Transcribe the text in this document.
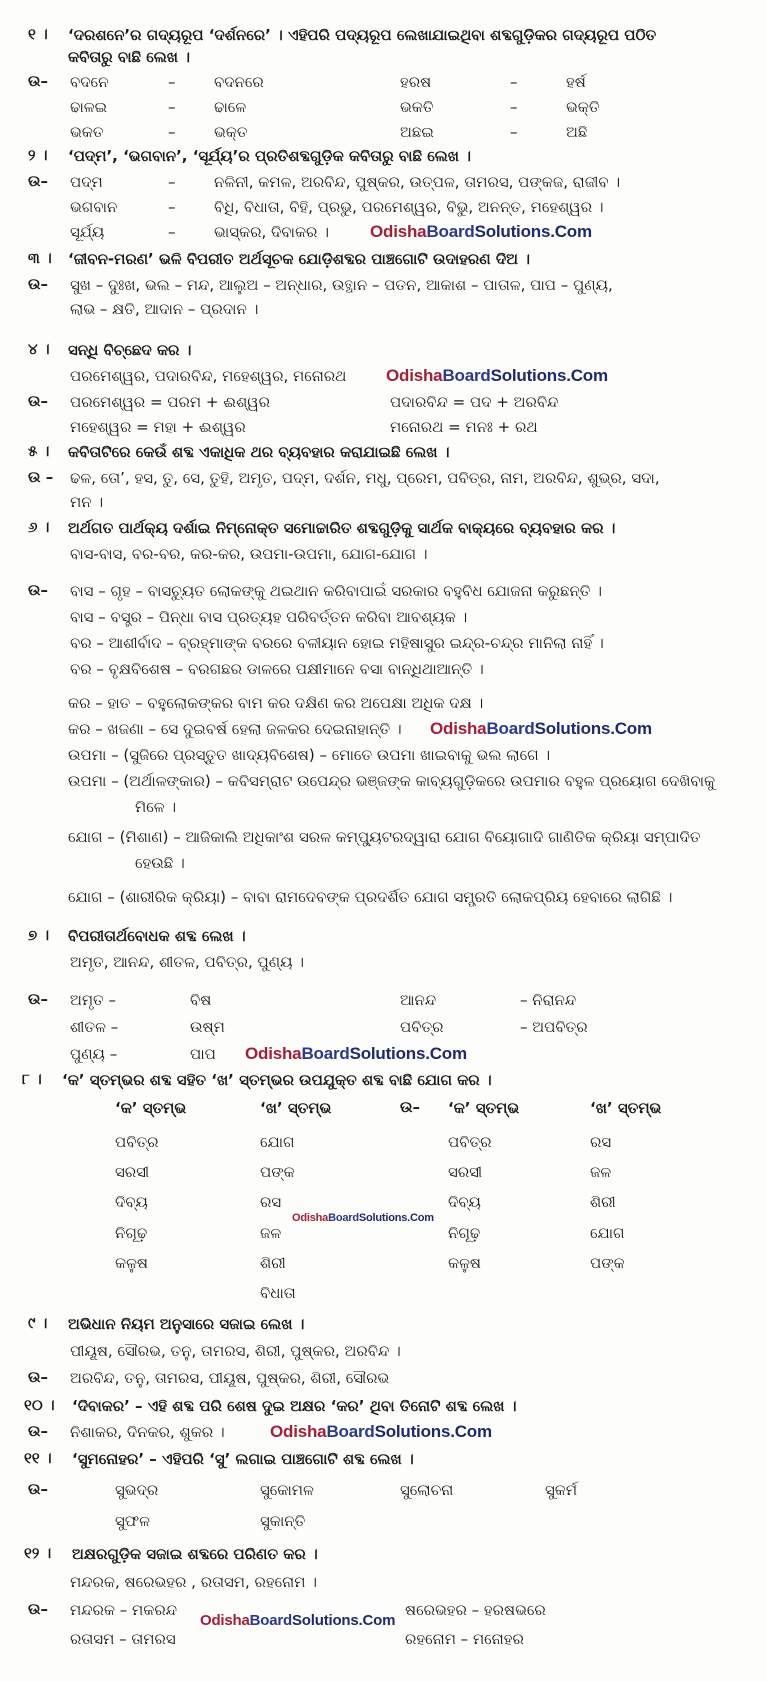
୧ । ‘ଦରଶନେ’ର ଗଦ୍ୟରୂପ ‘ଦର୍ଶନରେ’ । ଏହିପରି ପଦ୍ୟରୂପ ଲେଖାଯାଇଥିବା ଶବ୍ଦଗୁଡ଼ିକର ଗଦ୍ୟରୂପ ପଠିତ
କବିତାରୁ ବାଛି ଲେଖ ।
ଉ– ବଦନେ	–	ବଦନରେ	ହରଷ	–	ହର୍ଷ
ଢାଳଇ	–	ଢାଳେ	ଭକତି	–	ଭକ୍ତି
ଭକତ	–	ଭକ୍ତ	ଅଛଇ	–	ଅଛି
୨ । ‘ପଦ୍ମ’, ‘ଭଗବାନ’, ‘ସୂର୍ଯ୍ୟ’ର ପ୍ରତିଶବ୍ଦଗୁଡ଼ିକ କବିତାରୁ ବାଛି ଲେଖ ।
ଉ– ପଦ୍ମ	–	ନଳିନୀ, କମଳ, ଅରବିନ୍ଦ, ପୁଷ୍କର, ଉତ୍ପଳ, ତାମରସ, ପଙ୍କଜ, ରାଜୀବ ।
ଭଗବାନ	–	ବିଧି, ବିଧାତା, ବିହି, ପ୍ରଭୁ, ପରମେଶ୍ୱର, ବିଭୁ, ଅନନ୍ତ, ମହେଶ୍ୱର ।
ସୂର୍ଯ୍ୟ	–	ଭାସ୍କର, ଦିବାକର । OdishaBoardSolutions.Com
୩ । ‘ଜୀବନ-ମରଣ’ ଭଳି ବିପରୀତ ଅର୍ଥସୂଚକ ଯୋଡ଼ିଶବ୍ଦର ପାଞ୍ଚଗୋଟି ଉଦାହରଣ ଦିଅ ।
ଉ– ସୁଖ – ଦୁଃଖ, ଭଲ – ମନ୍ଦ, ଆଲୁଅ – ଅନ୍ଧାର, ଉତ୍ଥାନ – ପତନ, ଆକାଶ – ପାତାଳ, ପାପ – ପୁଣ୍ୟ,
ଲାଭ – କ୍ଷତି, ଆଦାନ – ପ୍ରଦାନ ।
୪ । ସନ୍ଧି ବିଚ୍ଛେଦ କର ।
ପରମେଶ୍ୱର, ପଦାରବିନ୍ଦ, ମହେଶ୍ୱର, ମନୋରଥ OdishaBoardSolutions.Com
ଉ– ପରମେଶ୍ୱର = ପରମ + ଈଶ୍ୱର	ପଦାରବିନ୍ଦ = ପଦ + ଅରବିନ୍ଦ
ମହେଶ୍ୱର = ମହା + ଈଶ୍ୱର	ମନୋରଥ = ମନଃ + ରଥ
୫ । କବିତାଟିରେ କେଉଁ ଶବ୍ଦ ଏକାଧିକ ଥର ବ୍ୟବହାର କରାଯାଇଛି ଲେଖ ।
ଉ – ଢଳ, ତୋ’, ହସ, ତୁ, ସେ, ତୁହି, ଅମୃତ, ପଦ୍ମ, ଦର୍ଶନ, ମଧୁ, ପ୍ରେମ, ପବିତ୍ର, ନାମ, ଅରବିନ୍ଦ, ଶୁଭ୍ର, ସଦା,
ମନ ।
୬ । ଅର୍ଥଗତ ପାର୍ଥକ୍ୟ ଦର୍ଶାଇ ନିମ୍ନୋକ୍ତ ସମୋଚ୍ଚାରିତ ଶବ୍ଦଗୁଡ଼ିକୁ ସାର୍ଥକ ବାକ୍ୟରେ ବ୍ୟବହାର କର ।
ବାସ-ବାସ, ବର-ବର, କର-କର, ଉପମା-ଉପମା, ଯୋଗ-ଯୋଗ ।
ଉ– ବାସ – ଗୃହ – ବାସଚ୍ୟୁତ ଲୋକଙ୍କୁ ଥଇଥାନ କରିବାପାଇଁ ସରକାର ବହୁବିଧ ଯୋଜନା କରୁଛନ୍ତି ।
ବାସ – ବସ୍ତ୍ର – ପିନ୍ଧା ବାସ ପ୍ରତ୍ୟହ ପରିବର୍ତ୍ତନ କରିବା ଆବଶ୍ୟକ ।
ବର – ଆଶୀର୍ବାଦ – ବ୍ରହ୍ମାଙ୍କ ବରରେ ବଳୀୟାନ ହୋଇ ମହିଷାସୁର ଇନ୍ଦ୍ର-ଚନ୍ଦ୍ର ମାନିଲା ନାହିଁ ।
ବର – ବୃକ୍ଷବିଶେଷ – ବରଗଛର ଡାଳରେ ପକ୍ଷୀମାନେ ବସା ବାନ୍ଧିଥାଆନ୍ତି ।
କର – ହାତ – ବହୁଲୋକଙ୍କର ବାମ କର ଦକ୍ଷିଣ କର ଅପେକ୍ଷା ଅଧିକ ଦକ୍ଷ ।
କର – ଖଜଣା – ସେ ଦୁଇବର୍ଷ ହେଲା ଜଳକର ଦେଇନାହାନ୍ତି । OdishaBoardSolutions.Com
ଉପମା – (ସୁଜିରେ ପ୍ରସ୍ତୁତ ଖାଦ୍ୟବିଶେଷ) – ମୋତେ ଉପମା ଖାଇବାକୁ ଭଲ ଲାଗେ ।
ଉପମା – (ଅର୍ଥାଳଙ୍କାର) – କବିସମ୍ରାଟ ଉପେନ୍ଦ୍ର ଭଞ୍ଜଙ୍କ କାବ୍ୟଗୁଡ଼ିକରେ ଉପମାର ବହୁଳ ପ୍ରୟୋଗ ଦେଖିବାକୁ
ମିଳେ ।
ଯୋଗ – (ମିଶାଣ) – ଆଜିକାଲି ଅଧିକାଂଶ ସରଳ କମ୍ପ୍ୟୁଟରଦ୍ୱାରା ଯୋଗ ବିୟୋଗାଦି ଗାଣିତିକ କ୍ରିୟା ସମ୍ପାଦିତ
ହେଉଛି ।
ଯୋଗ – (ଶାରୀରିକ କ୍ରିୟା) – ବାବା ରାମଦେବଙ୍କ ପ୍ରଦର୍ଶିତ ଯୋଗ ସମ୍ପ୍ରତି ଲୋକପ୍ରିୟ ହେବାରେ ଲାଗିଛି ।
୭ । ବିପରୀତାର୍ଥବୋଧକ ଶବ୍ଦ ଲେଖ ।
ଅମୃତ, ଆନନ୍ଦ, ଶୀତଳ, ପବିତ୍ର, ପୁଣ୍ୟ ।
ଉ– ଅମୃତ –	ବିଷ	ଆନନ୍ଦ	– ନିରାନନ୍ଦ
ଶୀତଳ –	ଉଷ୍ମ	ପବିତ୍ର	– ଅପବିତ୍ର
ପୁଣ୍ୟ –	ପାପ OdishaBoardSolutions.Com
୮ । ‘କ’ ସ୍ତମ୍ଭର ଶବ୍ଦ ସହିତ ‘ଖ’ ସ୍ତମ୍ଭର ଉପଯୁକ୍ତ ଶବ୍ଦ ବାଛି ଯୋଗ କର ।
‘କ’ ସ୍ତମ୍ଭ	‘ଖ’ ସ୍ତମ୍ଭ	ଉ– ‘କ’ ସ୍ତମ୍ଭ	‘ଖ’ ସ୍ତମ୍ଭ
ପବିତ୍ର	ଯୋଗ	ପବିତ୍ର	ରସ
ସରସୀ	ପଙ୍କ	ସରସୀ	ଜଳ
ଦିବ୍ୟ	ରସ	ଦିବ୍ୟ	ଶିରୀ
OdishaBoardSolutions.Com
ନିଗୂଢ଼	ଜଳ	ନିଗୂଢ଼	ଯୋଗ
କଳୁଷ	ଶିରୀ	କଳୁଷ	ପଙ୍କ
ବିଧାତା
୯ । ଅଭିଧାନ ନିୟମ ଅନୁସାରେ ସଜାଇ ଲେଖ ।
ପୀୟୂଷ, ସୌରଭ, ତନୁ, ତାମରସ, ଶିରୀ, ପୁଷ୍କର, ଅରବିନ୍ଦ ।
ଉ– ଅରବିନ୍ଦ, ତନୁ, ତାମରସ, ପୀୟୂଷ, ପୁଷ୍କର, ଶିରୀ, ସୌରଭ
୧୦ । ‘ଦିବାକର’ – ଏହି ଶବ୍ଦ ପରି ଶେଷ ଦୁଇ ଅକ୍ଷର ‘କର’ ଥିବା ତିନୋଟି ଶବ୍ଦ ଲେଖ ।
ଉ– ନିଶାକର, ଦିନକର, ଶୁକର ।	OdishaBoardSolutions.Com
୧୧ । ‘ସୁମନୋହର’ – ଏହିପରି ‘ସୁ’ ଲଗାଇ ପାଞ୍ଚଗୋଟି ଶବ୍ଦ ଲେଖ ।
ଉ–	ସୁଭଦ୍ର	ସୁକୋମଳ	ସୁଲୋଚନା	ସୁକର୍ମ
ସୁଫଳ	ସୁକାନ୍ତି
୧୨ । ଅକ୍ଷରଗୁଡ଼ିକ ସଜାଇ ଶବ୍ଦରେ ପରିଣତ କର ।
ମନ୍ଦରକ, ଷରେଭହର , ରତାସମ, ରହନୋମ ।
ଉ– ମନ୍ଦରକ – ମକରନ୍ଦ	ଷରେଭହର – ହରଷଭରେ
OdishaBoardSolutions.Com
ରତାସମ – ତାମରସ	ରହନୋମ – ମନୋହର
